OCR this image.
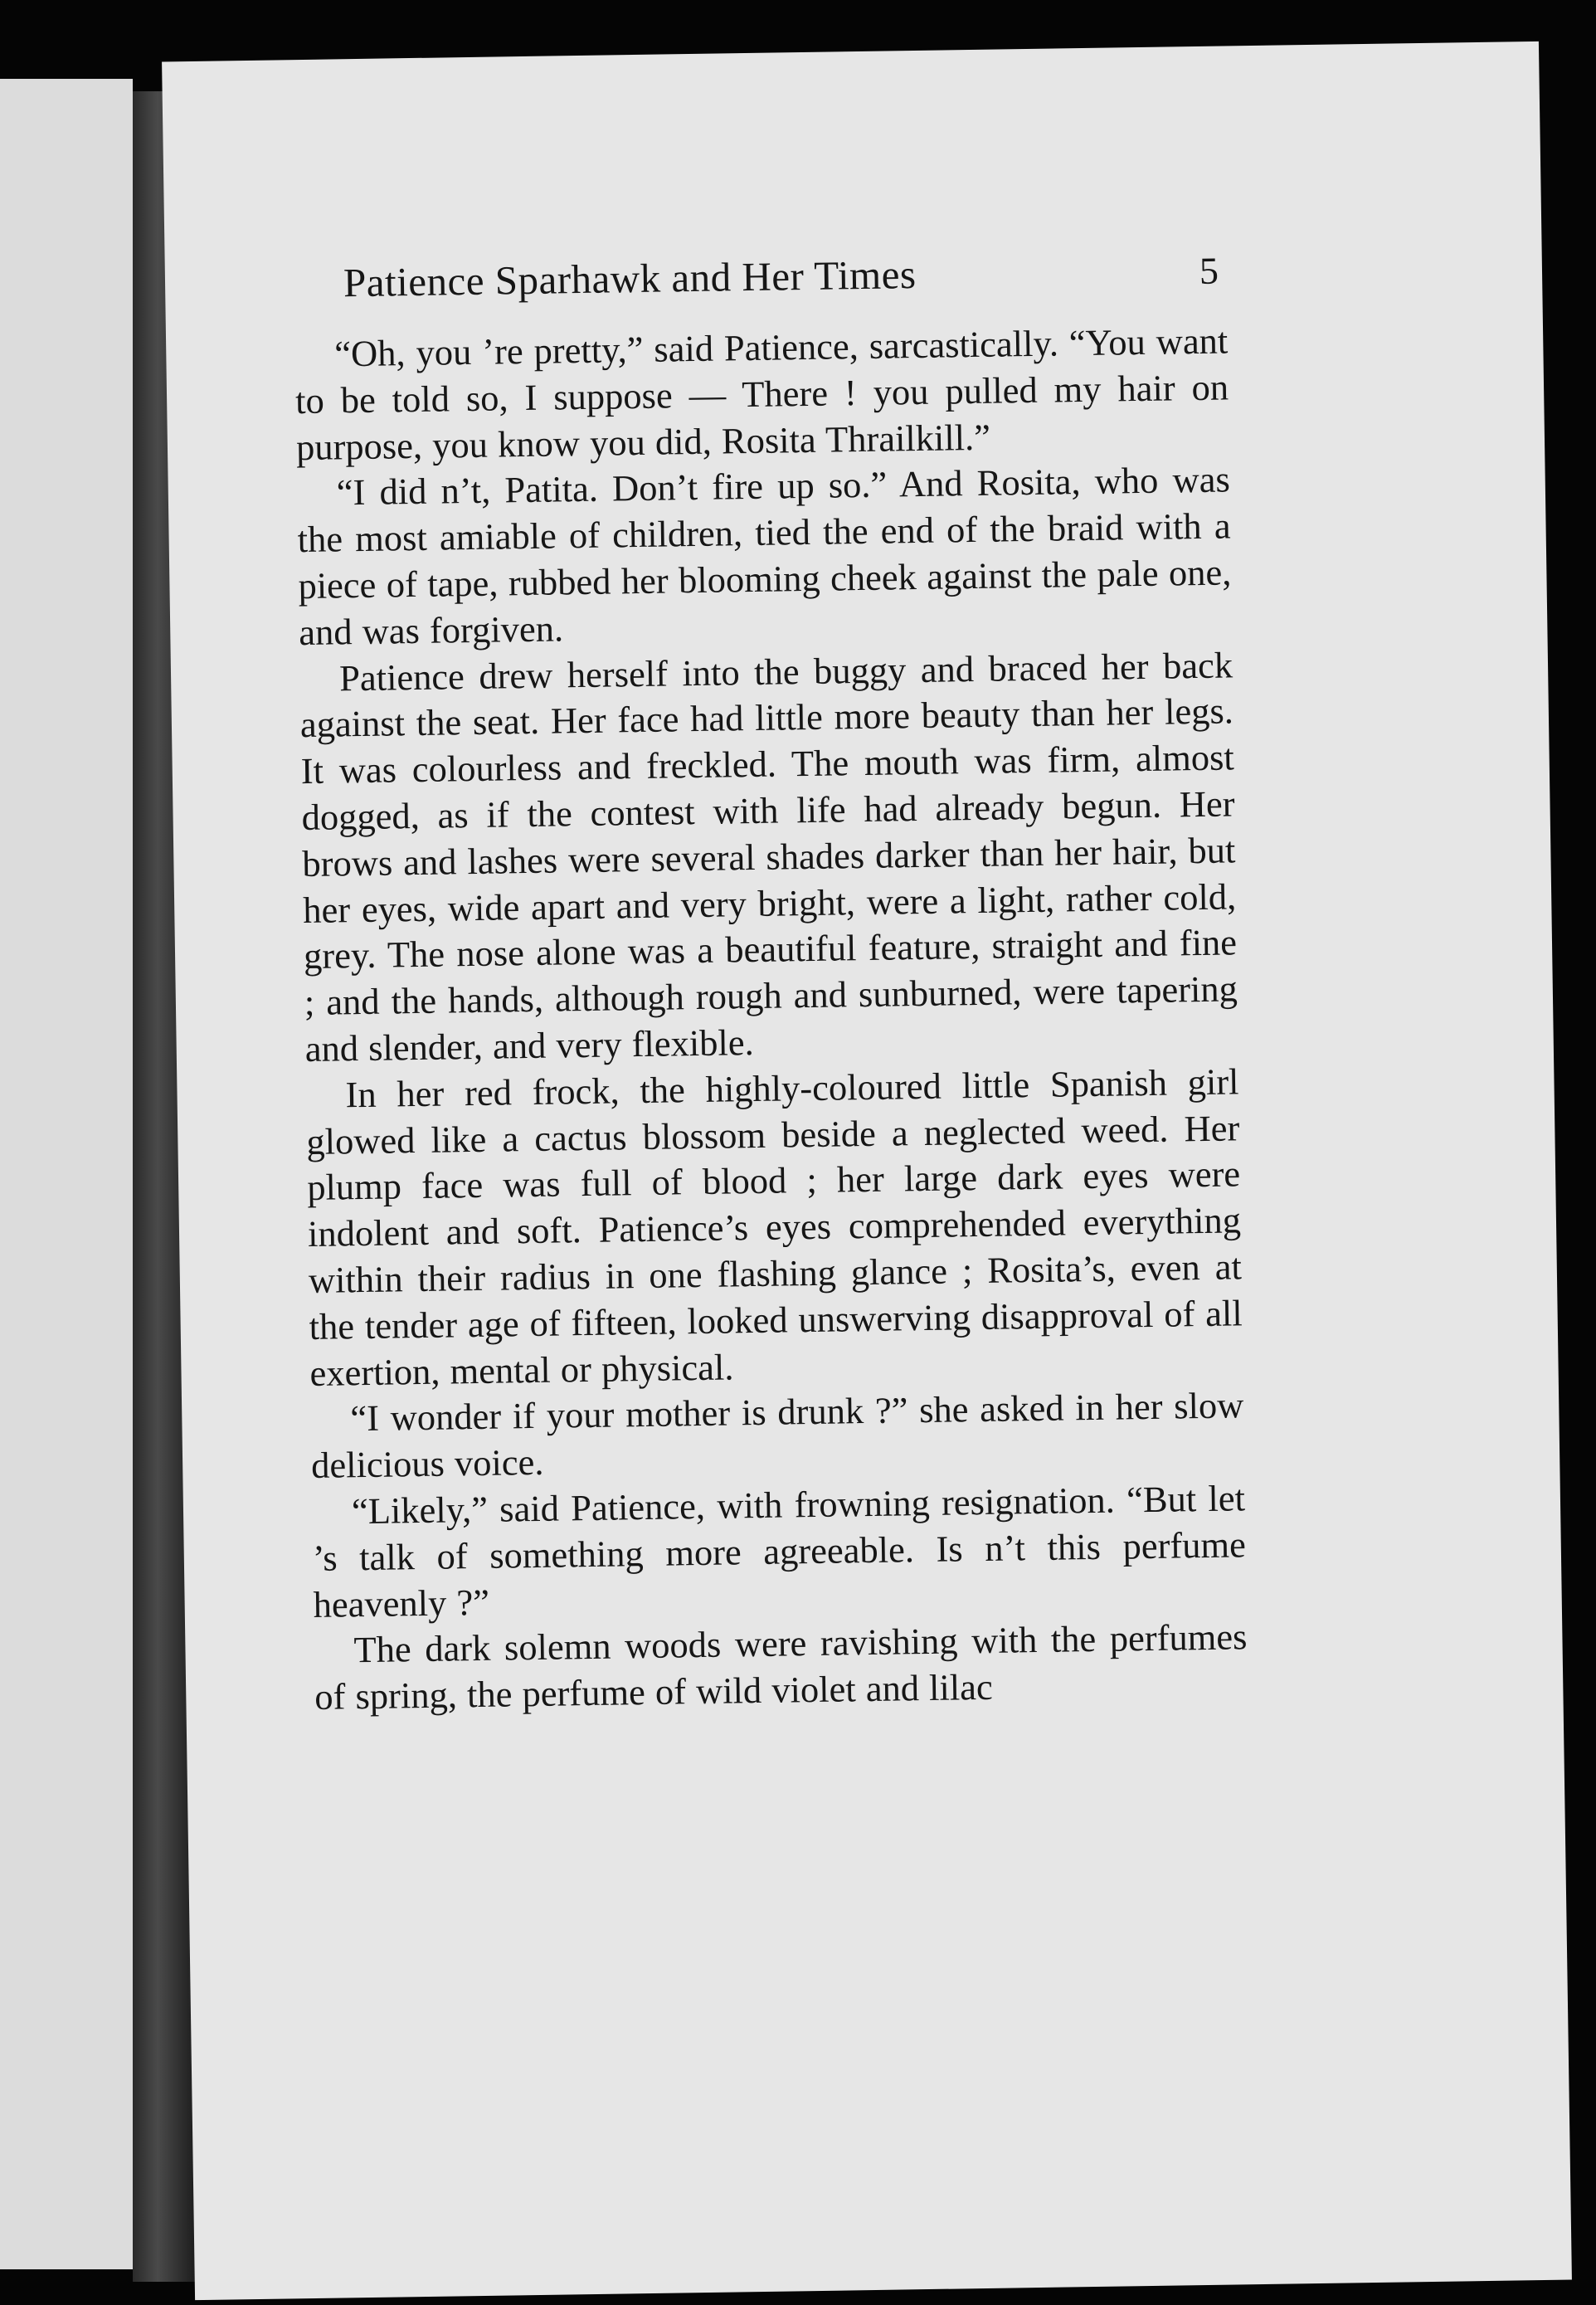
Patience Sparhawk and Her Times	5

“Oh, you ’re pretty,” said Patience, sarcastically. “You want to be told so, I suppose — There ! you pulled my hair on purpose, you know you did, Rosita Thrailkill.”

“I did n’t, Patita. Don’t fire up so.” And Rosita, who was the most amiable of children, tied the end of the braid with a piece of tape, rubbed her blooming cheek against the pale one, and was forgiven.

Patience drew herself into the buggy and braced her back against the seat. Her face had little more beauty than her legs. It was colourless and freckled. The mouth was firm, almost dogged, as if the contest with life had already begun. Her brows and lashes were several shades darker than her hair, but her eyes, wide apart and very bright, were a light, rather cold, grey. The nose alone was a beautiful feature, straight and fine ; and the hands, although rough and sunburned, were tapering and slender, and very flexible.

In her red frock, the highly-coloured little Spanish girl glowed like a cactus blossom beside a neglected weed. Her plump face was full of blood ; her large dark eyes were indolent and soft. Patience’s eyes comprehended everything within their radius in one flashing glance ; Rosita’s, even at the tender age of fifteen, looked unswerving disapproval of all exertion, mental or physical.

“I wonder if your mother is drunk ?” she asked in her slow delicious voice.

“Likely,” said Patience, with frowning resignation. “But let ’s talk of something more agreeable. Is n’t this perfume heavenly ?”

The dark solemn woods were ravishing with the perfumes of spring, the perfume of wild violet and lilac
